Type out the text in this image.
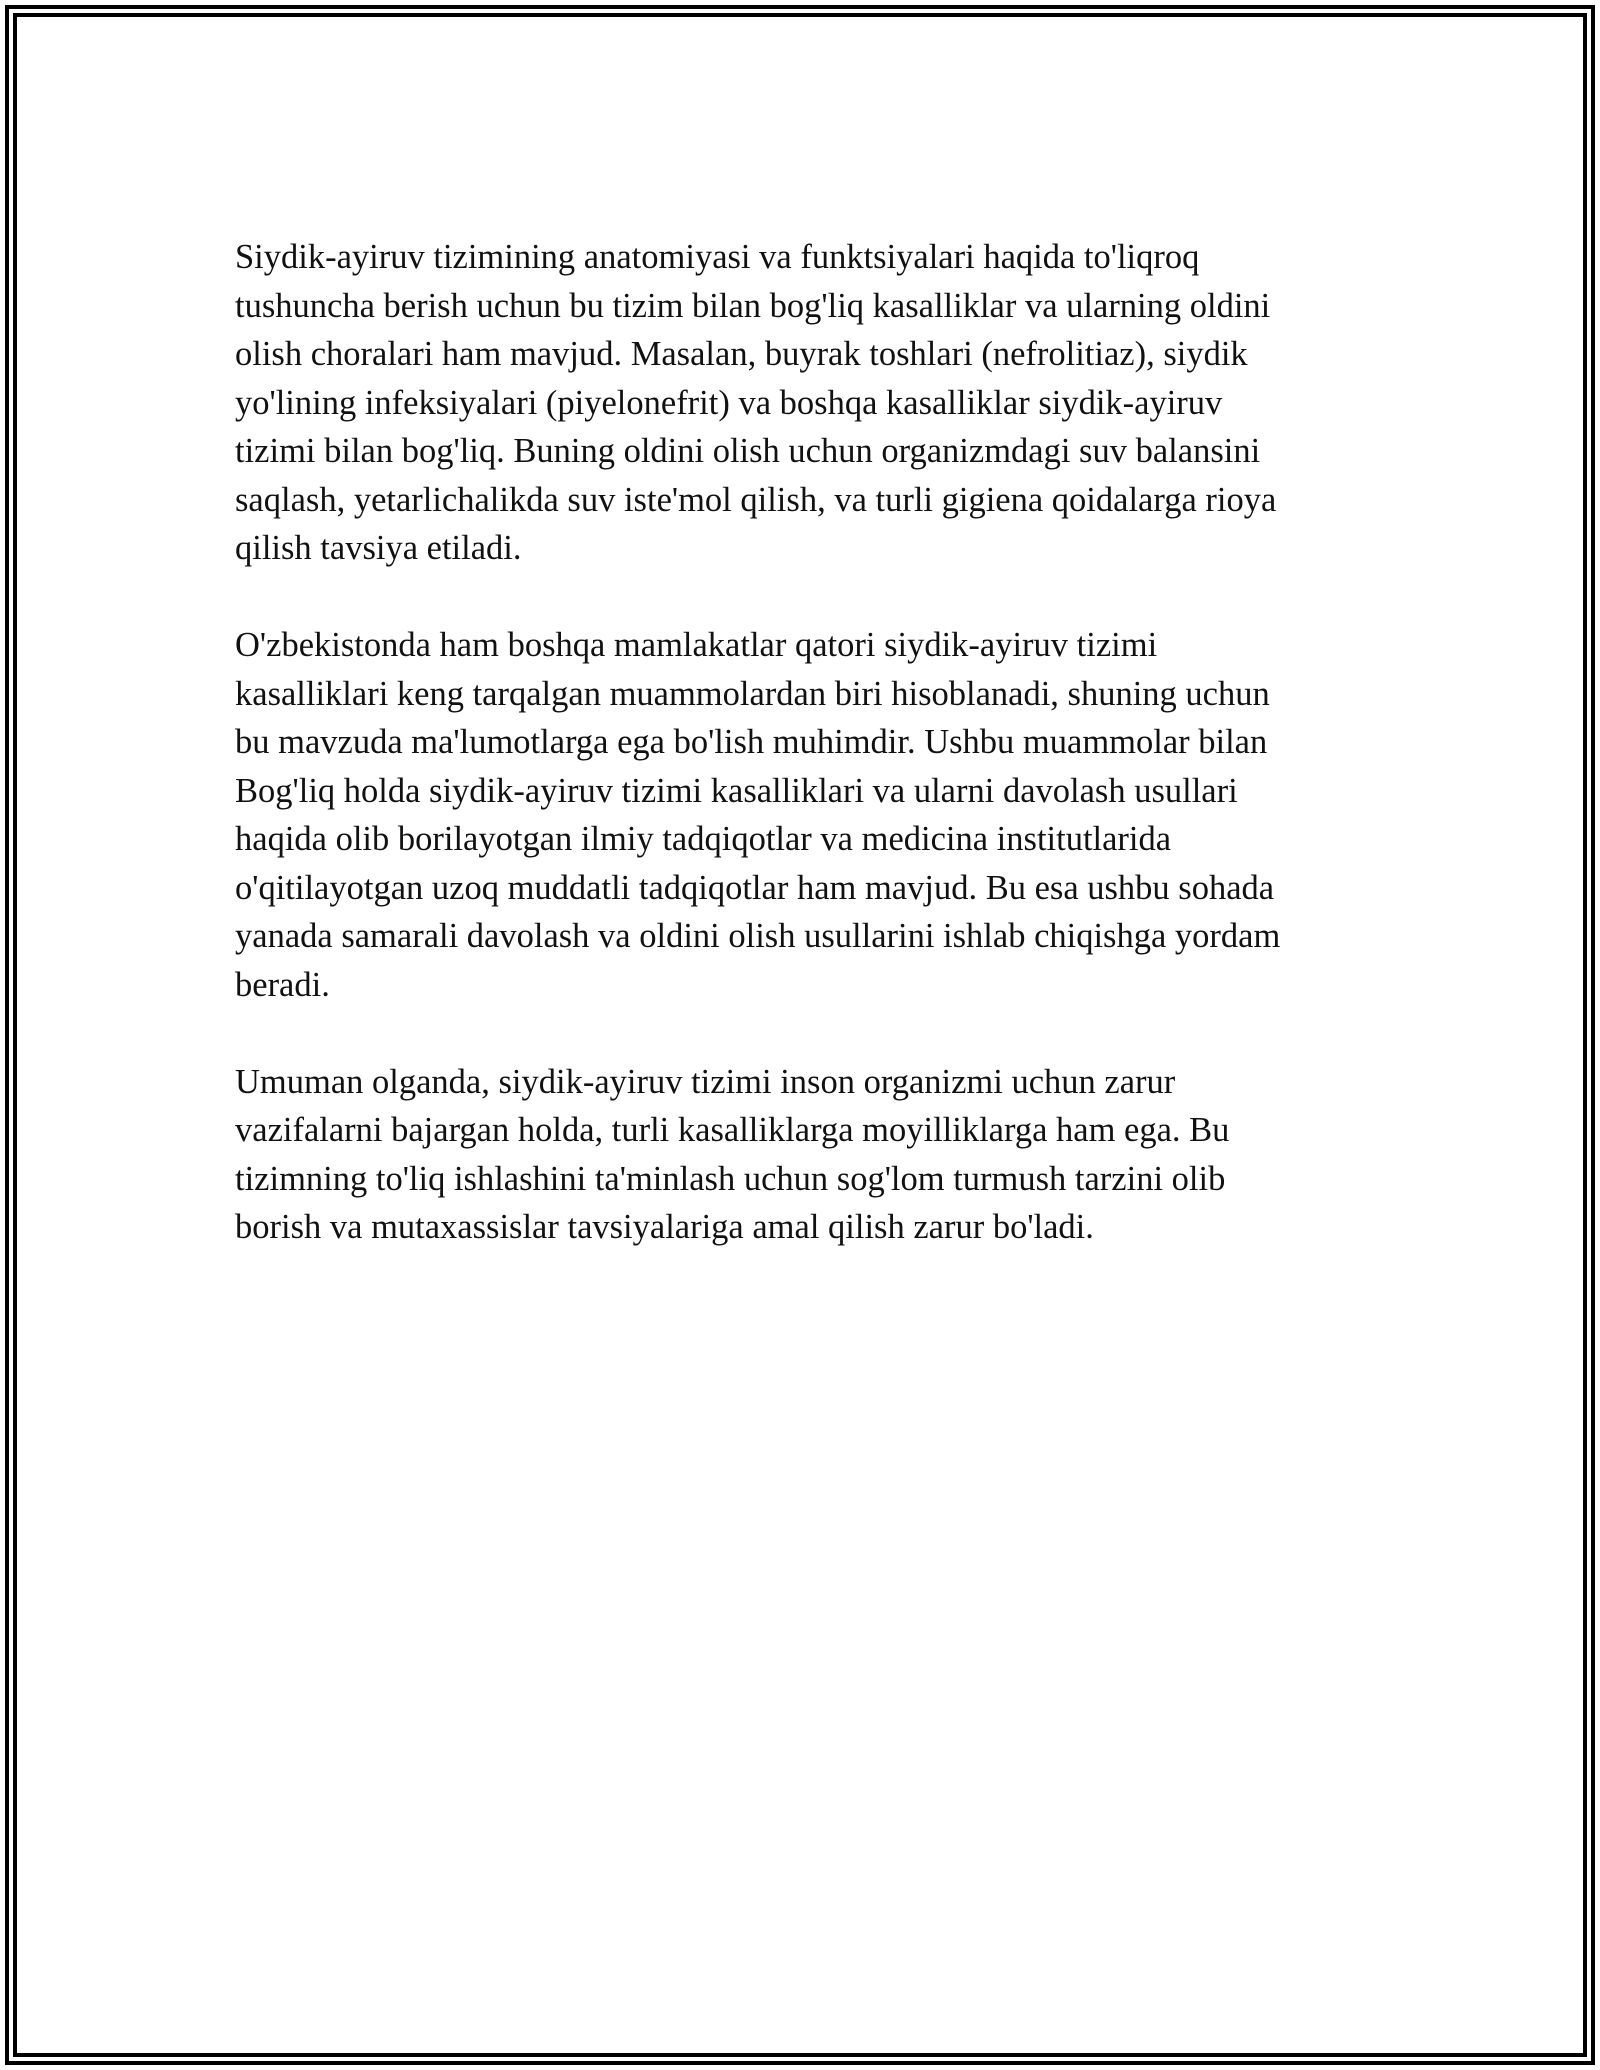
Siydik-ayiruv tizimining anatomiyasi va funktsiyalari haqida to'liqroq
tushuncha berish uchun bu tizim bilan bog'liq kasalliklar va ularning oldini
olish choralari ham mavjud. Masalan, buyrak toshlari (nefrolitiaz), siydik
yo'lining infeksiyalari (piyelonefrit) va boshqa kasalliklar siydik-ayiruv
tizimi bilan bog'liq. Buning oldini olish uchun organizmdagi suv balansini
saqlash, yetarlichalikda suv iste'mol qilish, va turli gigiena qoidalarga rioya
qilish tavsiya etiladi.

O'zbekistonda ham boshqa mamlakatlar qatori siydik-ayiruv tizimi
kasalliklari keng tarqalgan muammolardan biri hisoblanadi, shuning uchun
bu mavzuda ma'lumotlarga ega bo'lish muhimdir. Ushbu muammolar bilan
Bog'liq holda siydik-ayiruv tizimi kasalliklari va ularni davolash usullari
haqida olib borilayotgan ilmiy tadqiqotlar va medicina institutlarida
o'qitilayotgan uzoq muddatli tadqiqotlar ham mavjud. Bu esa ushbu sohada
yanada samarali davolash va oldini olish usullarini ishlab chiqishga yordam
beradi.

Umuman olganda, siydik-ayiruv tizimi inson organizmi uchun zarur
vazifalarni bajargan holda, turli kasalliklarga moyilliklarga ham ega. Bu
tizimning to'liq ishlashini ta'minlash uchun sog'lom turmush tarzini olib
borish va mutaxassislar tavsiyalariga amal qilish zarur bo'ladi.
